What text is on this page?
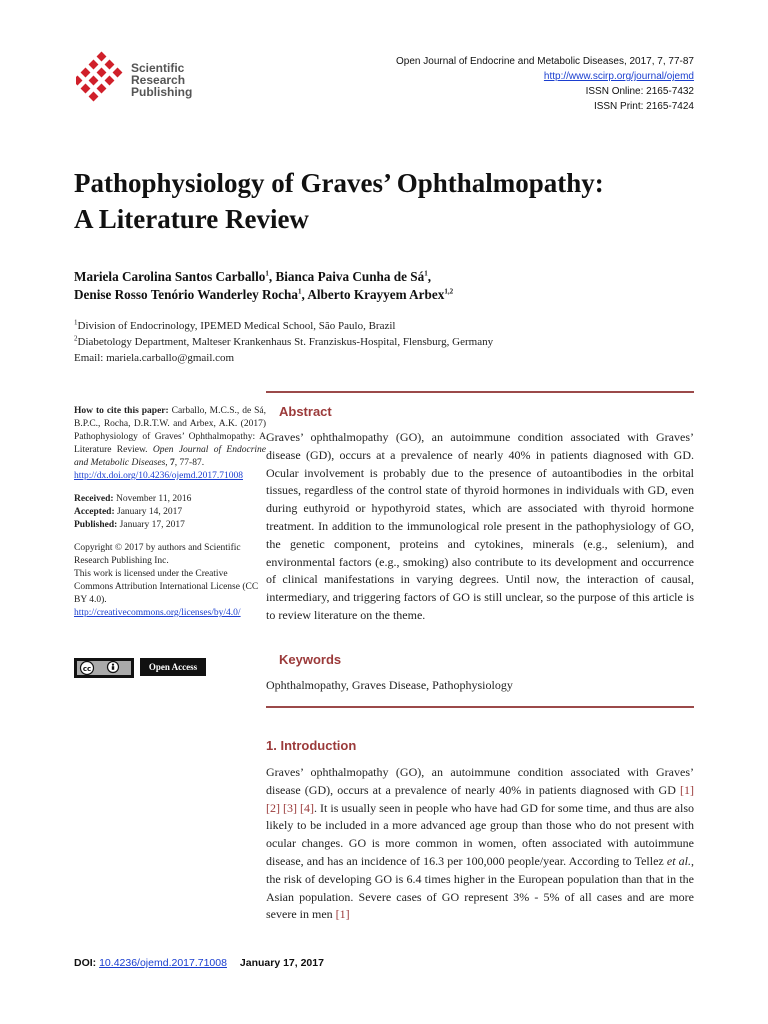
Scientific
Research
Publishing
Open Journal of Endocrine and Metabolic Diseases, 2017, 7, 77-87
http://www.scirp.org/journal/ojemd
ISSN Online: 2165-7432
ISSN Print: 2165-7424
Pathophysiology of Graves’ Ophthalmopathy:
A Literature Review
Mariela Carolina Santos Carballo$^1$, Bianca Paiva Cunha de $Sá^1$,
Denise Rosso Tenório Wanderley Rocha$^1$, Alberto Krayyem Arbex$^{1,2}$
$^1$Division of Endocrinology, IPEMED Medical School, São Paulo, Brazil
$^2$Diabetology Department, Malteser Krankenhaus St. Franziskus-Hospital, Flensburg, Germany
Email: mariela.carballo@gmail.com
How to cite this paper: Carballo, M.C.S., de Sá, B.P.C., Rocha, D.R.T.W. and Arbex, A.K. (2017) Pathophysiology of Graves’ Ophthalmopathy: A Literature Review. Open Journal of Endocrine and Metabolic Diseases, 7, 77-87.
http://dx.doi.org/10.4236/ojemd.2017.71008
Received: November 11, 2016
Accepted: January 14, 2017
Published: January 17, 2017
Copyright © 2017 by authors and Scientific Research Publishing Inc.
This work is licensed under the Creative Commons Attribution International License (CC BY 4.0).
http://creativecommons.org/licenses/by/4.0/
cc	Open Access
Abstract
Graves’ ophthalmopathy (GO), an autoimmune condition associated with Graves’ disease (GD), occurs at a prevalence of nearly 40% in patients diagnosed with GD. Ocular involvement is probably due to the presence of autoantibodies in the orbital tissues, regardless of the control state of thyroid hormones in individuals with GD, even during euthyroid or hypothyroid states, which are associated with thyroid hormone treatment. In addition to the immunological role present in the pathophysiology of GO, the genetic component, proteins and cytokines, minerals (e.g., selenium), and environmental factors (e.g., smoking) also contribute to its development and occurrence of clinical manifestations in varying degrees. Until now, the interaction of causal, intermediary, and triggering factors of GO is still unclear, so the purpose of this article is to review literature on the theme.
Keywords
Ophthalmopathy, Graves Disease, Pathophysiology
1. Introduction
Graves’ ophthalmopathy (GO), an autoimmune condition associated with Graves’ disease (GD), occurs at a prevalence of nearly 40% in patients diagnosed with GD [1] [2] [3] [4]. It is usually seen in people who have had GD for some time, and thus are also likely to be included in a more advanced age group than those who do not present with ocular changes. GO is more common in women, often associated with autoimmune disease, and has an incidence of 16.3 per 100,000 people/year. According to Tellez et al., the risk of developing GO is 6.4 times higher in the European population than that in the Asian population. Severe cases of GO represent 3% - 5% of all cases and are more severe in men [1]
DOI: 10.4236/ojemd.2017.71008 January 17, 2017
